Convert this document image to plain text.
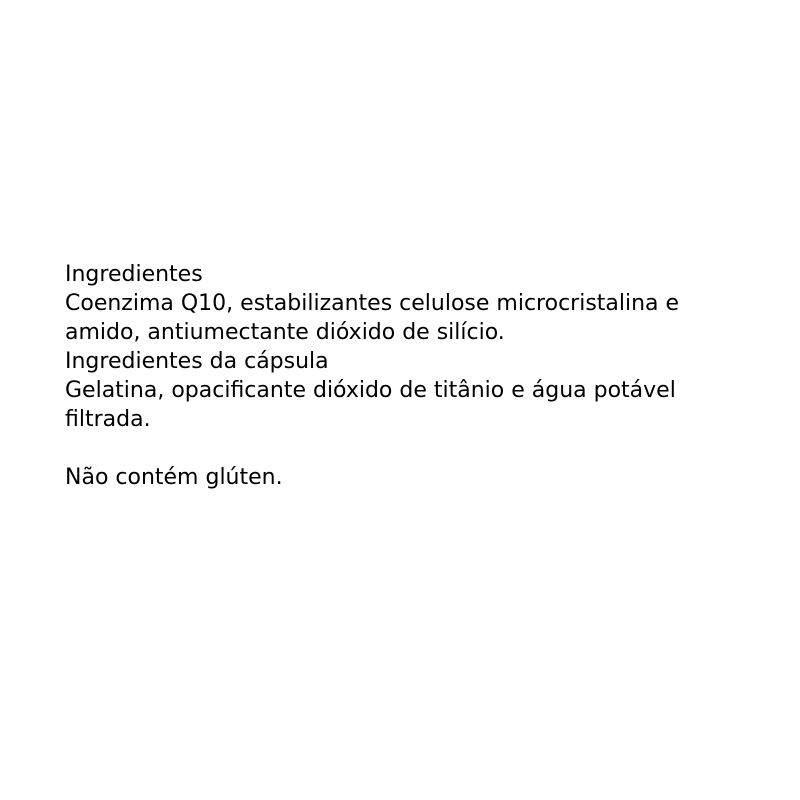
Ingredientes
Coenzima Q10, estabilizantes celulose microcristalina e
amido, antiumectante dióxido de silício.
Ingredientes da cápsula
Gelatina, opacificante dióxido de titânio e água potável
filtrada.
Não contém glúten.
